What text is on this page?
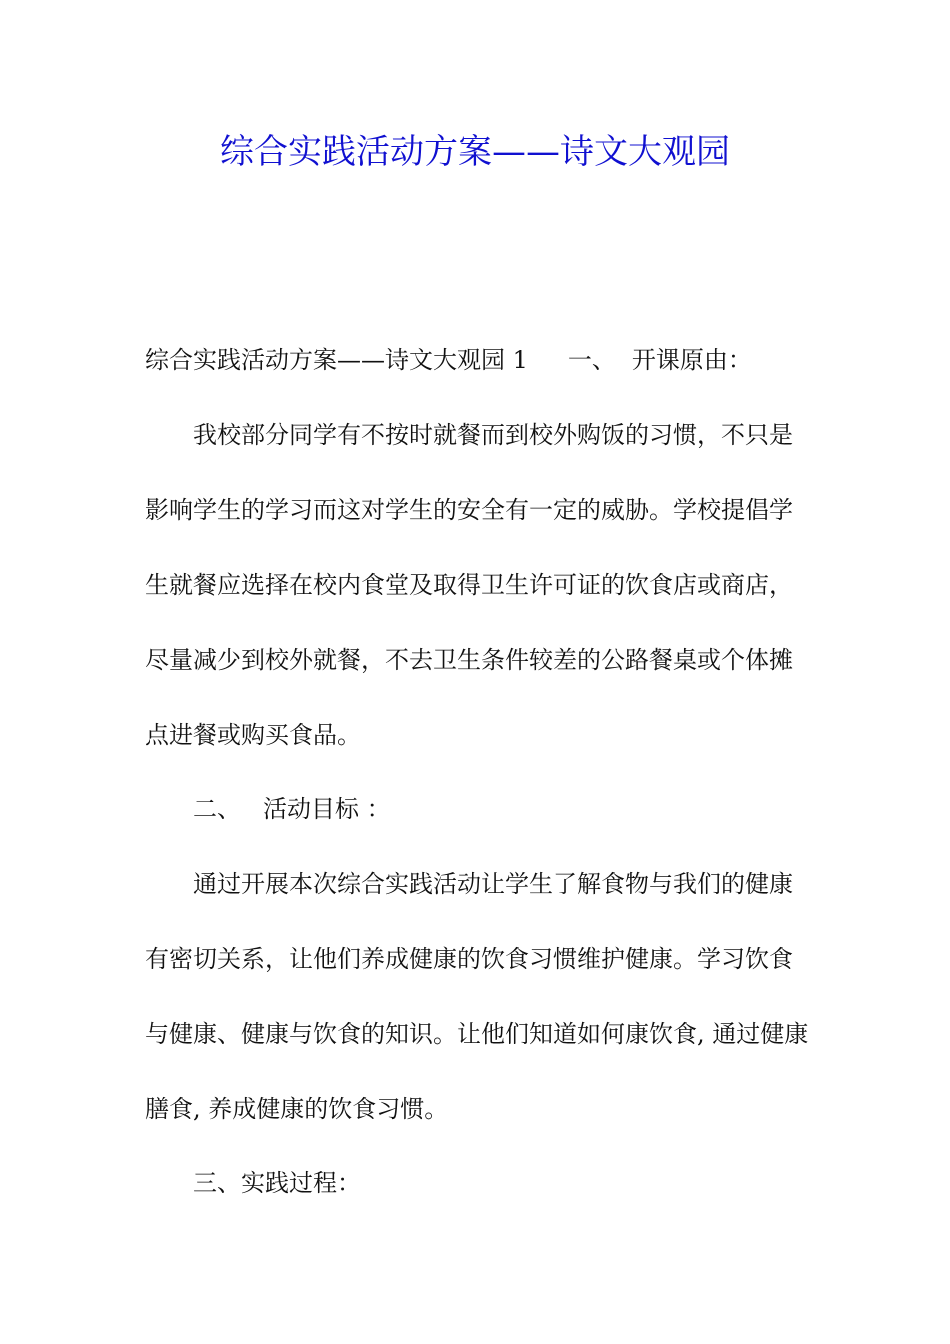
综合实践活动方案——诗文大观园
综合实践活动方案——诗文大观园 1 一、 开课原由：
我校部分同学有不按时就餐而到校外购饭的习惯，不只是
影响学生的学习而这对学生的安全有一定的威胁。学校提倡学
生就餐应选择在校内食堂及取得卫生许可证的饮食店或商店，
尽量减少到校外就餐，不去卫生条件较差的公路餐桌或个体摊
点进餐或购买食品。
二、 活动目标 ：
通过开展本次综合实践活动让学生了解食物与我们的健康
有密切关系，让他们养成健康的饮食习惯维护健康。学习饮食
与健康、健康与饮食的知识。让他们知道如何康饮食, 通过健康
膳食, 养成健康的饮食习惯。
三、实践过程：
